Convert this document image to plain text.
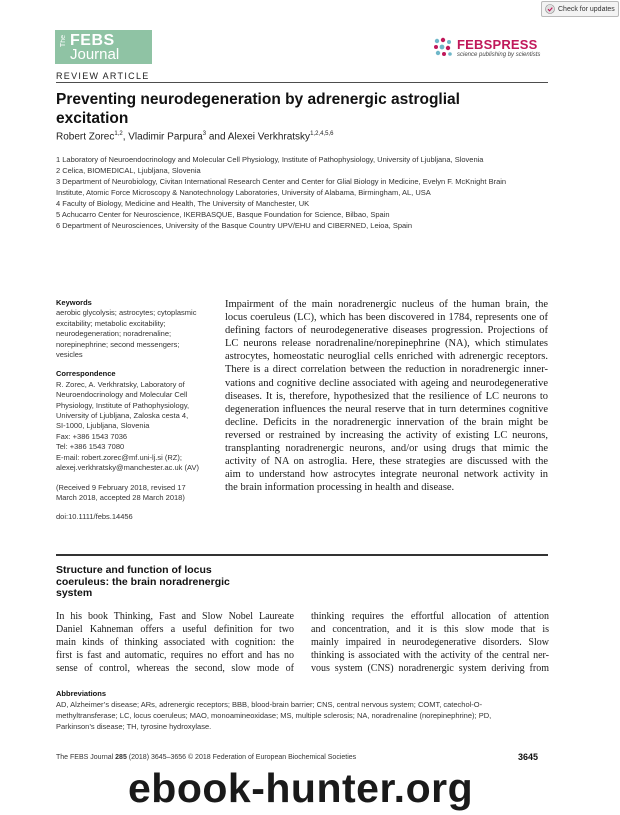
Check for updates
The FEBS
Journal
FEBSPRESS
science publishing by scientists
REVIEW ARTICLE
Preventing neurodegeneration by adrenergic astroglial excitation
Robert Zorec$^{1,2}$, Vladimir Parpura$^3$ and Alexei Verkhratsky$^{1,2,4,5,6}$
1 Laboratory of Neuroendocrinology and Molecular Cell Physiology, Institute of Pathophysiology, University of Ljubljana, Slovenia
2 Celica, BIOMEDICAL, Ljubljana, Slovenia
3 Department of Neurobiology, Civitan International Research Center and Center for Glial Biology in Medicine, Evelyn F. McKnight Brain
Institute, Atomic Force Microscopy & Nanotechnology Laboratories, University of Alabama, Birmingham, AL, USA
4 Faculty of Biology, Medicine and Health, The University of Manchester, UK
5 Achucarro Center for Neuroscience, IKERBASQUE, Basque Foundation for Science, Bilbao, Spain
6 Department of Neurosciences, University of the Basque Country UPV/EHU and CIBERNED, Leioa, Spain
Keywords
aerobic glycolysis; astrocytes; cytoplasmic
excitability; metabolic excitability;
neurodegeneration; noradrenaline;
norepinephrine; second messengers;
vesicles
Correspondence
R. Zorec, A. Verkhratsky, Laboratory of
Neuroendocrinology and Molecular Cell
Physiology, Institute of Pathophysiology,
University of Ljubljana, Zaloska cesta 4,
SI-1000, Ljubljana, Slovenia
Fax: +386 1543 7036
Tel: +386 1543 7080
E-mail: robert.zorec@mf.uni-lj.si (RZ);
alexej.verkhratsky@manchester.ac.uk (AV)
(Received 9 February 2018, revised 17
March 2018, accepted 28 March 2018)
doi:10.1111/febs.14456
Impairment of the main noradrenergic nucleus of the human brain, the
locus coeruleus (LC), which has been discovered in 1784, represents one of
defining factors of neurodegenerative diseases progression. Projections of
LC neurons release noradrenaline/norepinephrine (NA), which stimulates
astrocytes, homeostatic neuroglial cells enriched with adrenergic receptors.
There is a direct correlation between the reduction in noradrenergic inner-
vations and cognitive decline associated with ageing and neurodegenerative
diseases. It is, therefore, hypothesized that the resilience of LC neurons to
degeneration influences the neural reserve that in turn determines cognitive
decline. Deficits in the noradrenergic innervation of the brain might be
reversed or restrained by increasing the activity of existing LC neurons,
transplanting noradrenergic neurons, and/or using drugs that mimic the
activity of NA on astroglia. Here, these strategies are discussed with the
aim to understand how astrocytes integrate neuronal network activity in
the brain information processing in health and disease.
Structure and function of locus
coeruleus: the brain noradrenergic
system
In his book Thinking, Fast and Slow Nobel Laureate
Daniel Kahneman offers a useful definition for two
main kinds of thinking associated with cognition: the
first is fast and automatic, requires no effort and has no
sense of control, whereas the second, slow mode of
thinking requires the effortful allocation of attention
and concentration, and it is this slow mode that is
mainly impaired in neurodegenerative disorders. Slow
thinking is associated with the activity of the central ner-
vous system (CNS) noradrenergic system deriving from
Abbreviations
AD, Alzheimer’s disease; ARs, adrenergic receptors; BBB, blood-brain barrier; CNS, central nervous system; COMT, catechol-O-
methyltransferase; LC, locus coeruleus; MAO, monoamineoxidase; MS, multiple sclerosis; NA, noradrenaline (norepinephrine); PD,
Parkinson’s disease; TH, tyrosine hydroxylase.
The FEBS Journal 285 (2018) 3645–3656 © 2018 Federation of European Biochemical Societies	3645
ebook-hunter.org
